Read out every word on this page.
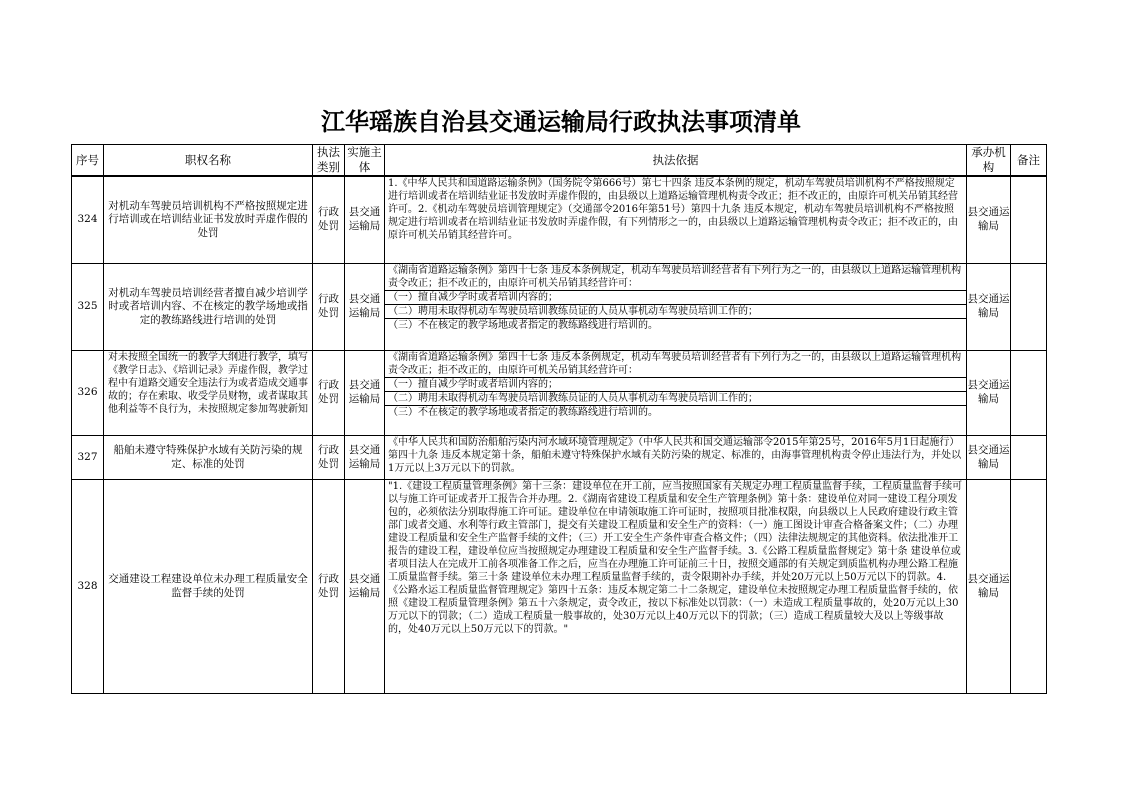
江华瑶族自治县交通运输局行政执法事项清单
序号	职权名称	执法类别	实施主体	执法依据	承办机构	备注
324	对机动车驾驶员培训机构不严格按照规定进行培训或在培训结业证书发放时弄虚作假的处罚	行政处罚	县交通运输局	1.《中华人民共和国道路运输条例》（国务院令第666号）第七十四条 违反本条例的规定，机动车驾驶员培训机构不严格按照规定进行培训或者在培训结业证书发放时弄虚作假的，由县级以上道路运输管理机构责令改正；拒不改正的，由原许可机关吊销其经营许可。2.《机动车驾驶员培训管理规定》（交通部令2016年第51号）第四十九条 违反本规定，机动车驾驶员培训机构不严格按照规定进行培训或者在培训结业证书发放时弄虚作假，有下列情形之一的，由县级以上道路运输管理机构责令改正；拒不改正的，由原许可机关吊销其经营许可。	县交通运输局	
325	对机动车驾驶员培训经营者擅自减少培训学时或者培训内容、不在核定的教学场地或指定的教练路线进行培训的处罚	行政处罚	县交通运输局	《湖南省道路运输条例》第四十七条 违反本条例规定，机动车驾驶员培训经营者有下列行为之一的，由县级以上道路运输管理机构责令改正；拒不改正的，由原许可机关吊销其经营许可：
（一）擅自减少学时或者培训内容的；
（二）聘用未取得机动车驾驶员培训教练员证的人员从事机动车驾驶员培训工作的；
（三）不在核定的教学场地或者指定的教练路线进行培训的。	县交通运输局	
326	对未按照全国统一的教学大纲进行教学，填写《教学日志》、《培训记录》弄虚作假，教学过程中有道路交通安全违法行为或者造成交通事故的；存在索取、收受学员财物，或者谋取其他利益等不良行为，未按照规定参加驾驶新知	行政处罚	县交通运输局	《湖南省道路运输条例》第四十七条 违反本条例规定，机动车驾驶员培训经营者有下列行为之一的，由县级以上道路运输管理机构责令改正；拒不改正的，由原许可机关吊销其经营许可：
（一）擅自减少学时或者培训内容的；
（二）聘用未取得机动车驾驶员培训教练员证的人员从事机动车驾驶员培训工作的；
（三）不在核定的教学场地或者指定的教练路线进行培训的。	县交通运输局	
327	船舶未遵守特殊保护水域有关防污染的规定、标准的处罚	行政处罚	县交通运输局	《中华人民共和国防治船舶污染内河水域环境管理规定》（中华人民共和国交通运输部令2015年第25号，2016年5月1日起施行）第四十九条 违反本规定第十条，船舶未遵守特殊保护水域有关防污染的规定、标准的，由海事管理机构责令停止违法行为，并处以1万元以上3万元以下的罚款。	县交通运输局	
328	交通建设工程建设单位未办理工程质量安全监督手续的处罚	行政处罚	县交通运输局	"1.《建设工程质量管理条例》第十三条：建设单位在开工前，应当按照国家有关规定办理工程质量监督手续，工程质量监督手续可以与施工许可证或者开工报告合并办理。2.《湖南省建设工程质量和安全生产管理条例》第十条：建设单位对同一建设工程分项发包的，必须依法分别取得施工许可证。建设单位在申请领取施工许可证时，按照项目批准权限，向县级以上人民政府建设行政主管部门或者交通、水利等行政主管部门，提交有关建设工程质量和安全生产的资料：（一）施工图设计审查合格备案文件；（二）办理建设工程质量和安全生产监督手续的文件；（三）开工安全生产条件审查合格文件；（四）法律法规规定的其他资料。依法批准开工报告的建设工程，建设单位应当按照规定办理建设工程质量和安全生产监督手续。3.《公路工程质量监督规定》第十条 建设单位或者项目法人在完成开工前各项准备工作之后，应当在办理施工许可证前三十日，按照交通部的有关规定到质监机构办理公路工程施工质量监督手续。第三十条 建设单位未办理工程质量监督手续的，责令限期补办手续，并处20万元以上50万元以下的罚款。4.《公路水运工程质量监督管理规定》第四十五条：违反本规定第二十二条规定，建设单位未按照规定办理工程质量监督手续的，依照《建设工程质量管理条例》第五十六条规定，责令改正，按以下标准处以罚款：（一）未造成工程质量事故的，处20万元以上30万元以下的罚款；（二）造成工程质量一般事故的，处30万元以上40万元以下的罚款；（三）造成工程质量较大及以上等级事故的，处40万元以上50万元以下的罚款。"	县交通运输局	
